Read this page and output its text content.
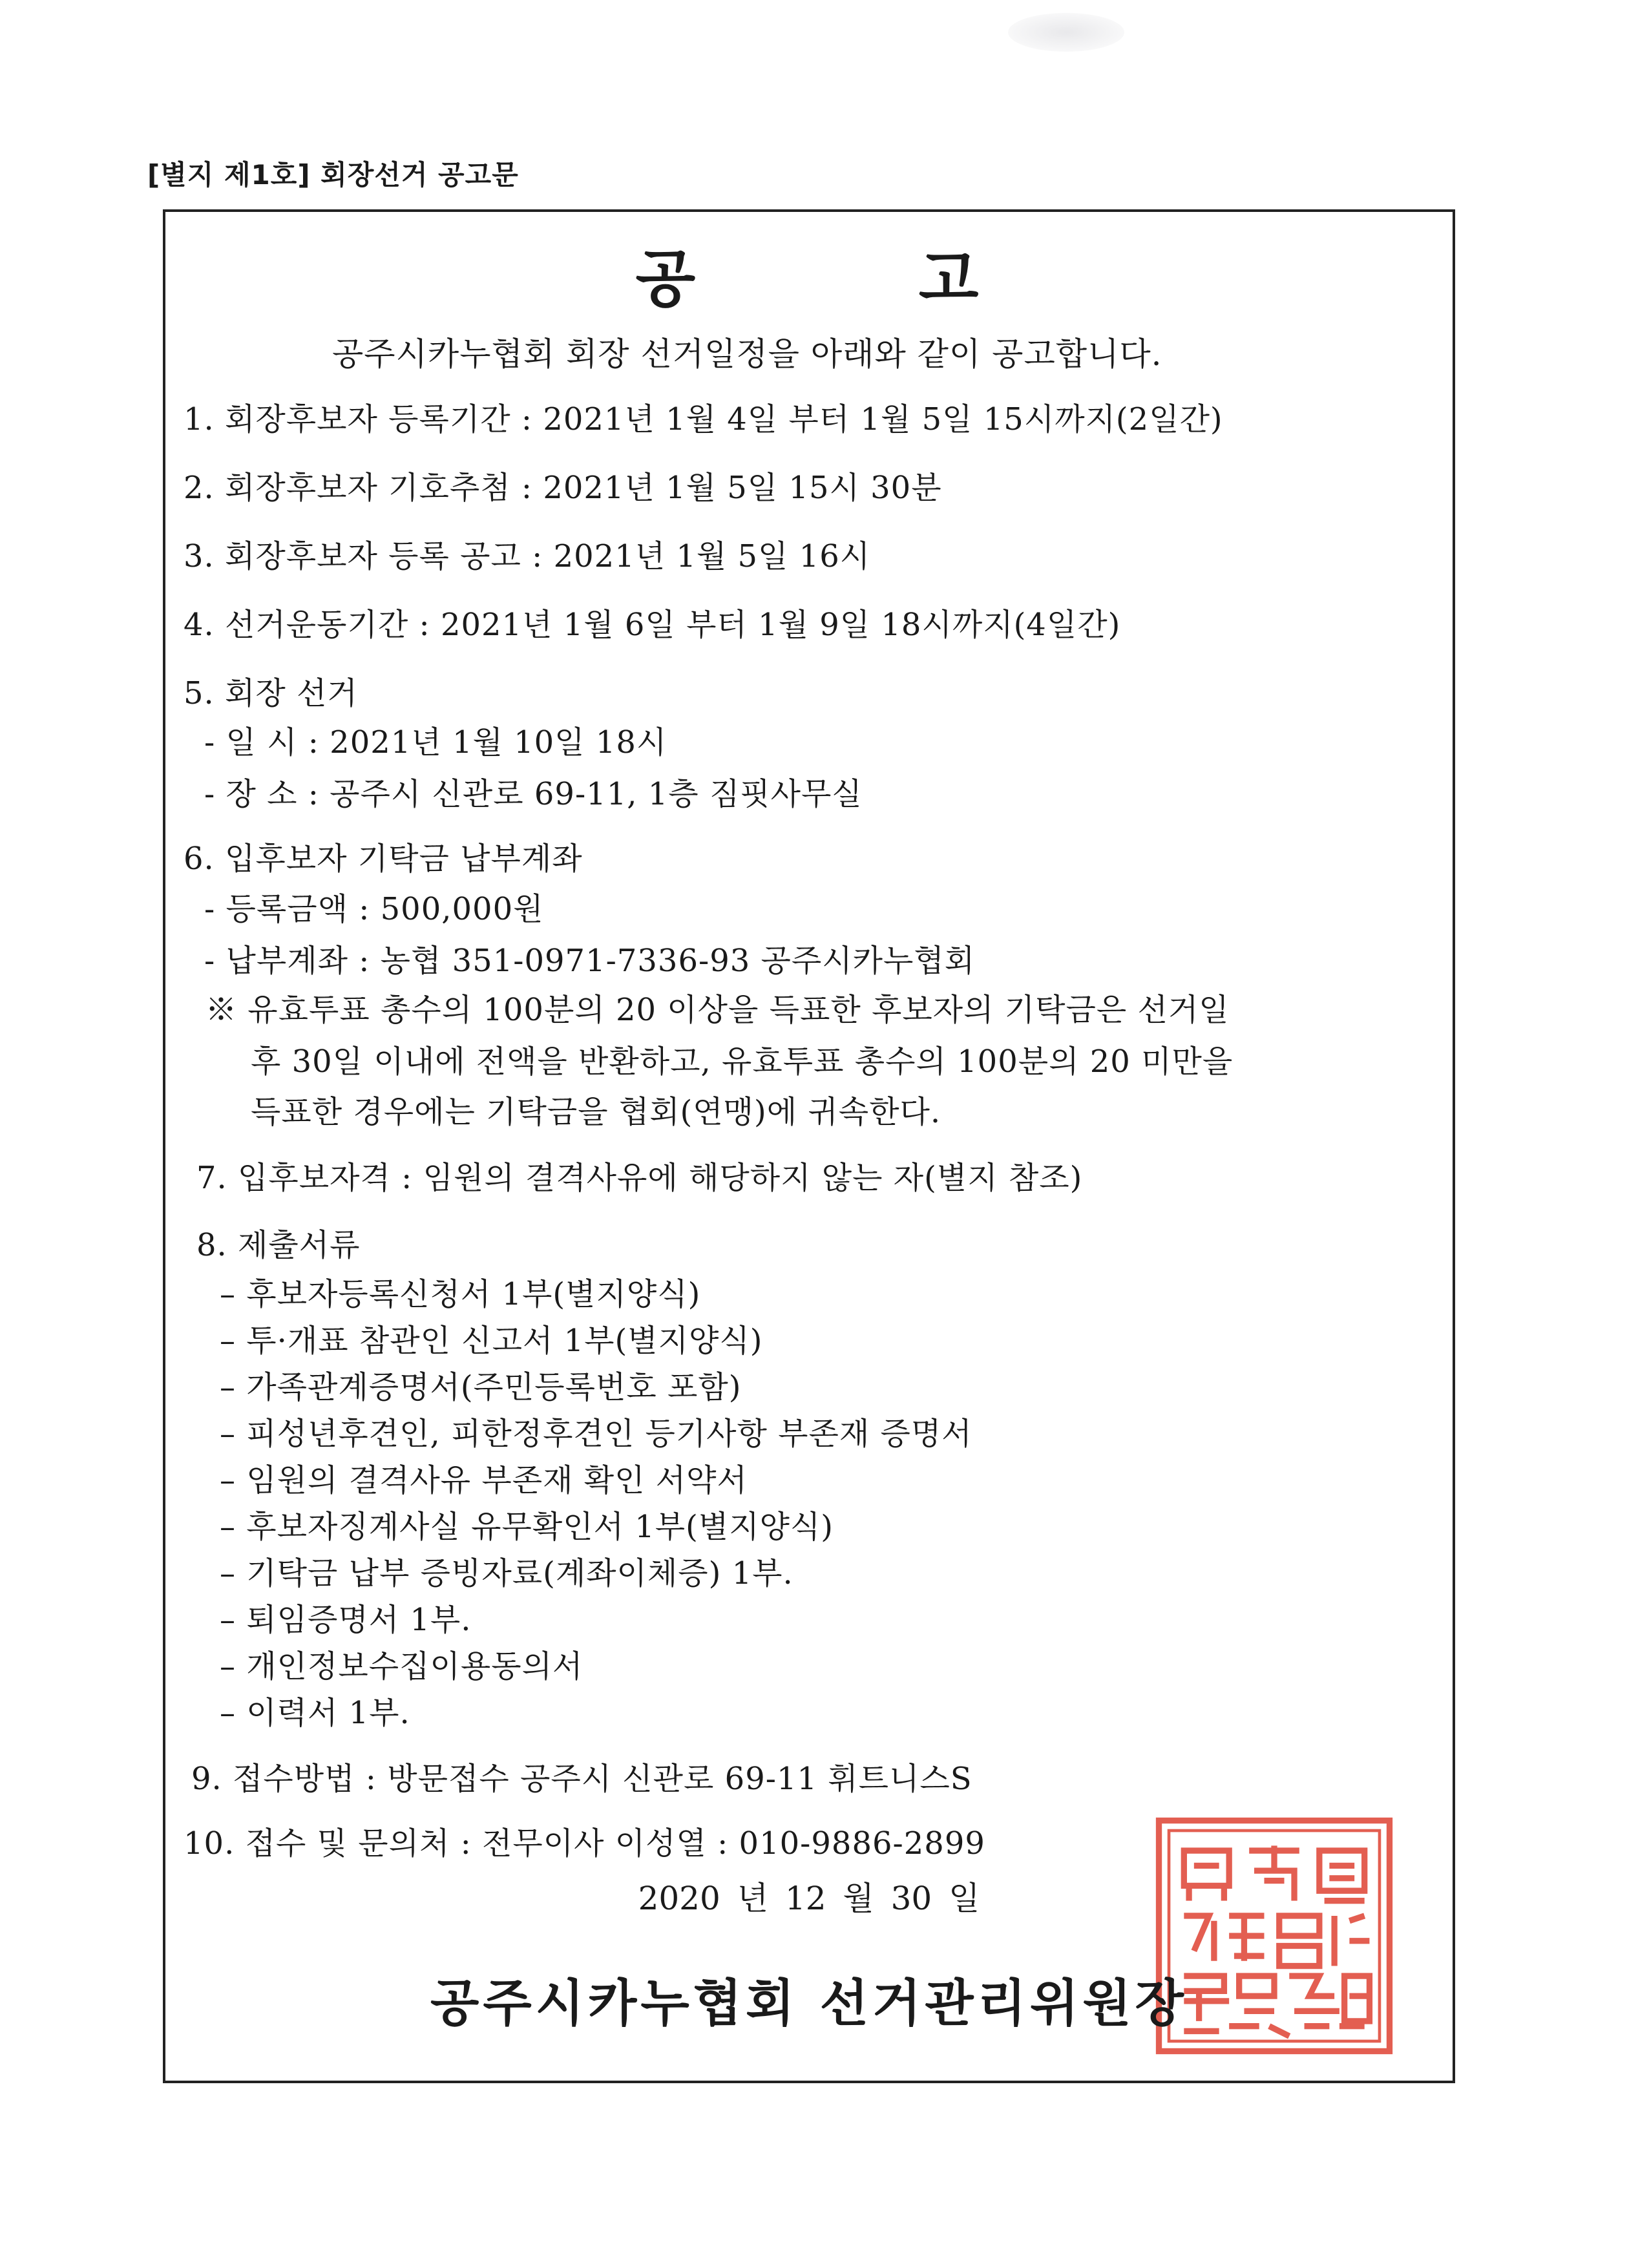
[별지 제1호] 회장선거 공고문
공 고
공주시카누협회 회장 선거일정을 아래와 같이 공고합니다.
1. 회장후보자 등록기간 : 2021년 1월 4일 부터 1월 5일 15시까지(2일간)
2. 회장후보자 기호추첨 : 2021년 1월 5일 15시 30분
3. 회장후보자 등록 공고 : 2021년 1월 5일 16시
4. 선거운동기간 : 2021년 1월 6일 부터 1월 9일 18시까지(4일간)
5. 회장 선거
- 일 시 : 2021년 1월 10일 18시
- 장 소 : 공주시 신관로 69-11, 1층 짐핏사무실
6. 입후보자 기탁금 납부계좌
- 등록금액 : 500,000원
- 납부계좌 : 농협 351-0971-7336-93 공주시카누협회
※ 유효투표 총수의 100분의 20 이상을 득표한 후보자의 기탁금은 선거일
후 30일 이내에 전액을 반환하고, 유효투표 총수의 100분의 20 미만을
득표한 경우에는 기탁금을 협회(연맹)에 귀속한다.
7. 입후보자격 : 임원의 결격사유에 해당하지 않는 자(별지 참조)
8. 제출서류
– 후보자등록신청서 1부(별지양식)
– 투·개표 참관인 신고서 1부(별지양식)
– 가족관계증명서(주민등록번호 포함)
– 피성년후견인, 피한정후견인 등기사항 부존재 증명서
– 임원의 결격사유 부존재 확인 서약서
– 후보자징계사실 유무확인서 1부(별지양식)
– 기탁금 납부 증빙자료(계좌이체증) 1부.
– 퇴임증명서 1부.
– 개인정보수집이용동의서
– 이력서 1부.
9. 접수방법 : 방문접수 공주시 신관로 69-11 휘트니스S
10. 접수 및 문의처 : 전무이사 이성열 : 010-9886-2899
2020 년 12 월 30 일
공주시카누협회 선거관리위원장
